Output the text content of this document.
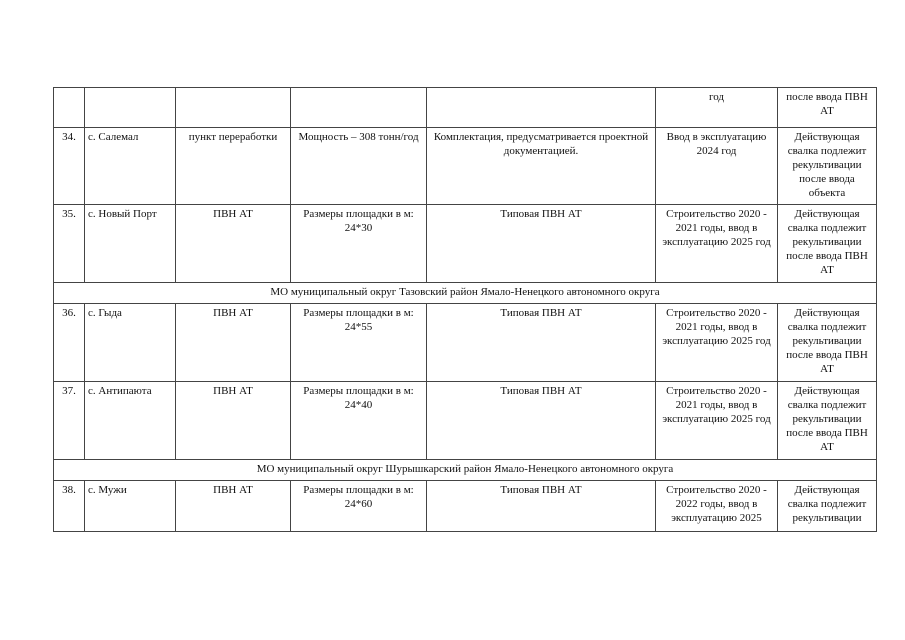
					год	после ввода ПВН АТ
34.	с. Салемал	пункт переработки	Мощность – 308 тонн/год	Комплектация, предусматривается проектной документацией.	Ввод в эксплуатацию 2024 год	Действующая свалка подлежит рекультивации после ввода объекта
35.	с. Новый Порт	ПВН АТ	Размеры площадки в м: 24*30	Типовая ПВН АТ	Строительство 2020 - 2021 годы, ввод в эксплуатацию 2025 год	Действующая свалка подлежит рекультивации после ввода ПВН АТ
МО муниципальный округ Тазовский район Ямало-Ненецкого автономного округа						
36.	с. Гыда	ПВН АТ	Размеры площадки в м: 24*55	Типовая ПВН АТ	Строительство 2020 - 2021 годы, ввод в эксплуатацию 2025 год	Действующая свалка подлежит рекультивации после ввода ПВН АТ
37.	с. Антипаюта	ПВН АТ	Размеры площадки в м: 24*40	Типовая ПВН АТ	Строительство 2020 - 2021 годы, ввод в эксплуатацию 2025 год	Действующая свалка подлежит рекультивации после ввода ПВН АТ
МО муниципальный округ Шурышкарский район Ямало-Ненецкого автономного округа						
38.	с. Мужи	ПВН АТ	Размеры площадки в м: 24*60	Типовая ПВН АТ	Строительство 2020 - 2022 годы, ввод в эксплуатацию 2025	Действующая свалка подлежит рекультивации
